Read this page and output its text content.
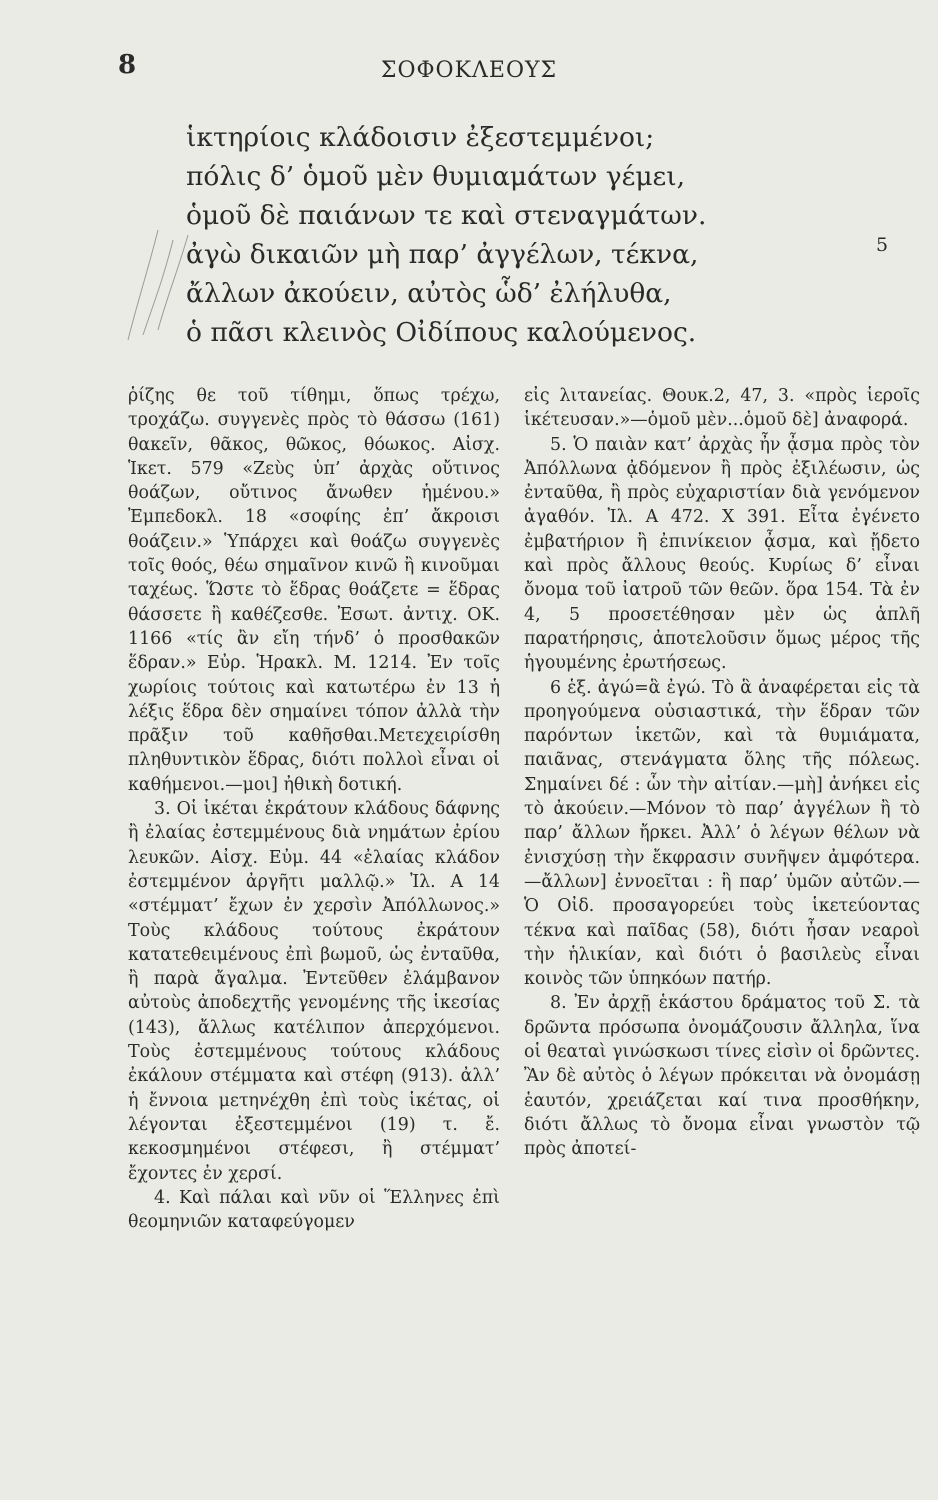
8	ΣΟΦΟΚΛΕΟΥΣ
ἱκτηρίοις κλάδοισιν ἐξεστεμμένοι;
πόλις δ’ ὁμοῦ μὲν θυμιαμάτων γέμει,
ὁμοῦ δὲ παιάνων τε καὶ στεναγμάτων.
ἀγὼ δικαιῶν μὴ παρ’ ἀγγέλων, τέκνα,
ἄλλων ἀκούειν, αὐτὸς ὧδ’ ἐλήλυθα,
ὁ πᾶσι κλεινὸς Οἰδίπους καλούμενος.
5

ῥίζης θε τοῦ τίθημι, ὅπως τρέχω, τροχάζω. συγγενὲς πρὸς τὸ θάσσω (161) θακεῖν, θᾶκος, θῶκος, θόωκος. Αἰσχ. Ἱκετ. 579 «Ζεὺς ὑπ’ ἀρχὰς οὔτινος θοάζων, οὔτινος ἄνωθεν ἡμένου.» Ἐμπεδοκλ. 18 «σοφίης ἐπ’ ἄκροισι θοάζειν.» Ὑπάρχει καὶ θοάζω συγγενὲς τοῖς θοός, θέω σημαῖνον κινῶ ἢ κινοῦμαι ταχέως. Ὥστε τὸ ἕδρας θοάζετε = ἕδρας θάσσετε ἢ καθέζεσθε. Ἐσωτ. ἀντιχ. ΟΚ. 1166 «τίς ἂν εἴη τήνδ’ ὁ προσθακῶν ἕδραν.» Εὐρ. Ἡρακλ. Μ. 1214. Ἐν τοῖς χωρίοις τούτοις καὶ κατωτέρω ἐν 13 ἡ λέξις ἕδρα δὲν σημαίνει τόπον ἀλλὰ τὴν πρᾶξιν τοῦ καθῆσθαι.Μετεχειρίσθη πληθυντικὸν ἕδρας, διότι πολλοὶ εἶναι οἱ καθήμενοι.—μοι] ἠθικὴ δοτική.

3. Οἱ ἱκέται ἐκράτουν κλάδους δάφνης ἢ ἐλαίας ἐστεμμένους διὰ νημάτων ἐρίου λευκῶν. Αἰσχ. Εὐμ. 44 «ἐλαίας κλάδον ἐστεμμένον ἀργῆτι μαλλῷ.» Ἰλ. Α 14 «στέμματ’ ἔχων ἐν χερσὶν Ἀπόλλωνος.» Τοὺς κλάδους τούτους ἐκράτουν κατατεθειμένους ἐπὶ βωμοῦ, ὡς ἐνταῦθα, ἢ παρὰ ἄγαλμα. Ἐντεῦθεν ἐλάμβανον αὐτοὺς ἀποδεχτῆς γενομένης τῆς ἱκεσίας (143), ἄλλως κατέλιπον ἀπερχόμενοι. Τοὺς ἐστεμμένους τούτους κλάδους ἐκάλουν στέμματα καὶ στέφη (913). ἀλλ’ ἡ ἔννοια μετηνέχθη ἐπὶ τοὺς ἱκέτας, οἱ λέγονται ἐξεστεμμένοι (19) τ. ἔ. κεκοσμημένοι στέφεσι, ἢ στέμματ’ ἔχοντες ἐν χερσί.

4. Καὶ πάλαι καὶ νῦν οἱ Ἕλληνες ἐπὶ θεομηνιῶν καταφεύγομεν

εἰς λιτανείας. Θουκ.2, 47, 3. «πρὸς ἱεροῖς ἱκέτευσαν.»—ὁμοῦ μὲν...ὁμοῦ δὲ] ἀναφορά.

5. Ὁ παιὰν κατ’ ἀρχὰς ἦν ᾆσμα πρὸς τὸν Ἀπόλλωνα ᾀδόμενον ἢ πρὸς ἐξιλέωσιν, ὡς ἐνταῦθα, ἢ πρὸς εὐχαριστίαν διὰ γενόμενον ἀγαθόν. Ἰλ. Α 472. Χ 391. Εἶτα ἐγένετο ἐμβατήριον ἢ ἐπινίκειον ᾆσμα, καὶ ᾔδετο καὶ πρὸς ἄλλους θεούς. Κυρίως δ’ εἶναι ὄνομα τοῦ ἰατροῦ τῶν θεῶν. ὅρα 154. Τὰ ἐν 4, 5 προσετέθησαν μὲν ὡς ἁπλῆ παρατήρησις, ἀποτελοῦσιν ὅμως μέρος τῆς ἡγουμένης ἐρωτήσεως.

6 ἑξ. ἀγώ=ἃ ἐγώ. Τὸ ἃ ἀναφέρεται εἰς τὰ προηγούμενα οὐσιαστικά, τὴν ἕδραν τῶν παρόντων ἱκετῶν, καὶ τὰ θυμιάματα, παιᾶνας, στενάγματα ὅλης τῆς πόλεως. Σημαίνει δέ : ὧν τὴν αἰτίαν.—μὴ] ἀνήκει εἰς τὸ ἀκούειν.—Μόνον τὸ παρ’ ἀγγέλων ἢ τὸ παρ’ ἄλλων ἤρκει. Ἀλλ’ ὁ λέγων θέλων νὰ ἐνισχύσῃ τὴν ἔκφρασιν συνῆψεν ἀμφότερα.—ἄλλων] ἐννοεῖται : ἢ παρ’ ὑμῶν αὐτῶν.—Ὁ Οἰδ. προσαγορεύει τοὺς ἱκετεύοντας τέκνα καὶ παῖδας (58), διότι ἦσαν νεαροὶ τὴν ἡλικίαν, καὶ διότι ὁ βασιλεὺς εἶναι κοινὸς τῶν ὑπηκόων πατήρ.

8. Ἐν ἀρχῇ ἑκάστου δράματος τοῦ Σ. τὰ δρῶντα πρόσωπα ὀνομάζουσιν ἄλληλα, ἵνα οἱ θεαταὶ γινώσκωσι τίνες εἰσὶν οἱ δρῶντες. Ἂν δὲ αὐτὸς ὁ λέγων πρόκειται νὰ ὀνομάσῃ ἑαυτόν, χρειάζεται καί τινα προσθήκην, διότι ἄλλως τὸ ὄνομα εἶναι γνωστὸν τῷ πρὸς ἀποτεί-
